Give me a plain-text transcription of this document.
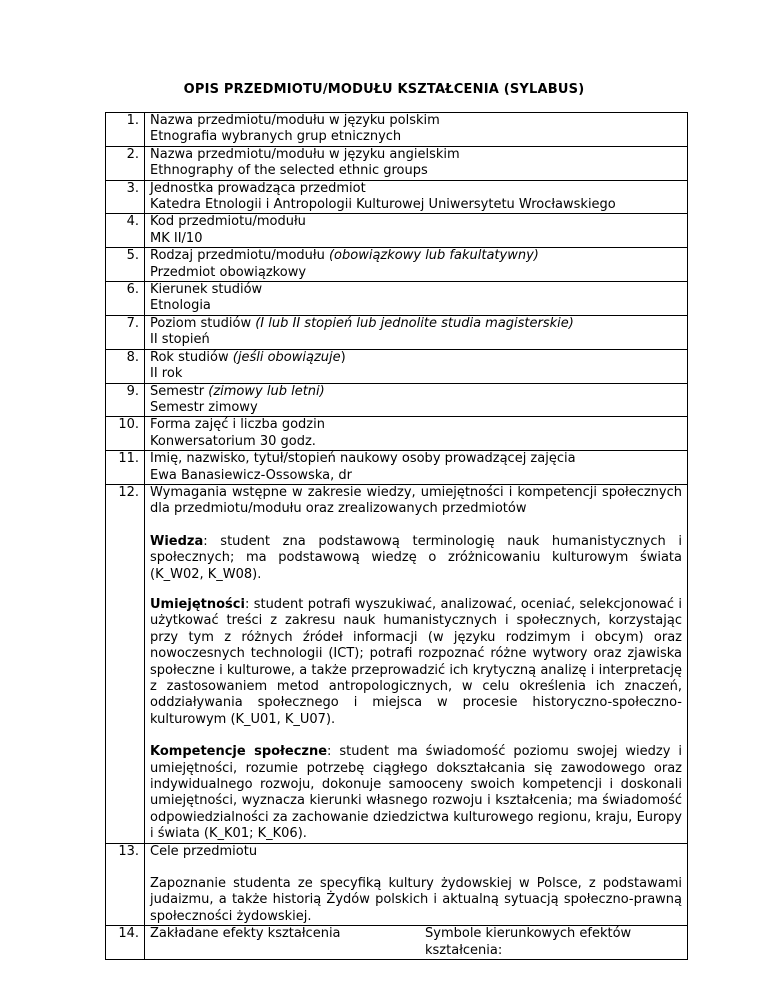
OPIS PRZEDMIOTU/MODUŁU KSZTAŁCENIA (SYLABUS)
1.	Nazwa przedmiotu/modułu w języku polskim
Etnografia wybranych grup etnicznych

2.	Nazwa przedmiotu/modułu w języku angielskim
Ethnography of the selected ethnic groups

3.	Jednostka prowadząca przedmiot
Katedra Etnologii i Antropologii Kulturowej Uniwersytetu Wrocławskiego

4.	Kod przedmiotu/modułu
MK II/10

5.	Rodzaj przedmiotu/modułu (obowiązkowy lub fakultatywny)
Przedmiot obowiązkowy

6.	Kierunek studiów
Etnologia

7.	Poziom studiów (I lub II stopień lub jednolite studia magisterskie)
II stopień

8.	Rok studiów (jeśli obowiązuje)
II rok

9.	Semestr (zimowy lub letni)
Semestr zimowy

10.	Forma zajęć i liczba godzin
Konwersatorium 30 godz.

11.	Imię, nazwisko, tytuł/stopień naukowy osoby prowadzącej zajęcia
Ewa Banasiewicz-Ossowska, dr

12.	Wymagania wstępne w zakresie wiedzy, umiejętności i kompetencji społecznych dla przedmiotu/modułu oraz zrealizowanych przedmiotów

Wiedza: student zna podstawową terminologię nauk humanistycznych i społecznych; ma podstawową wiedzę o zróżnicowaniu kulturowym świata (K_W02, K_W08).

Umiejętności: student potrafi wyszukiwać, analizować, oceniać, selekcjonować i użytkować treści z zakresu nauk humanistycznych i społecznych, korzystając przy tym z różnych źródeł informacji (w języku rodzimym i obcym) oraz nowoczesnych technologii (ICT); potrafi rozpoznać różne wytwory oraz zjawiska społeczne i kulturowe, a także przeprowadzić ich krytyczną analizę i interpretację z zastosowaniem metod antropologicznych, w celu określenia ich znaczeń, oddziaływania społecznego i miejsca w procesie historyczno-społeczno-kulturowym (K_U01, K_U07).

Kompetencje społeczne: student ma świadomość poziomu swojej wiedzy i umiejętności, rozumie potrzebę ciągłego dokształcania się zawodowego oraz indywidualnego rozwoju, dokonuje samooceny swoich kompetencji i doskonali umiejętności, wyznacza kierunki własnego rozwoju i kształcenia; ma świadomość odpowiedzialności za zachowanie dziedzictwa kulturowego regionu, kraju, Europy i świata (K_K01; K_K06).

13.	Cele przedmiotu

Zapoznanie studenta ze specyfiką kultury żydowskiej w Polsce, z podstawami judaizmu, a także historią Żydów polskich i aktualną sytuacją społeczno-prawną społeczności żydowskiej.

14.	Zakładane efekty kształcenia	Symbole kierunkowych efektów kształcenia:
